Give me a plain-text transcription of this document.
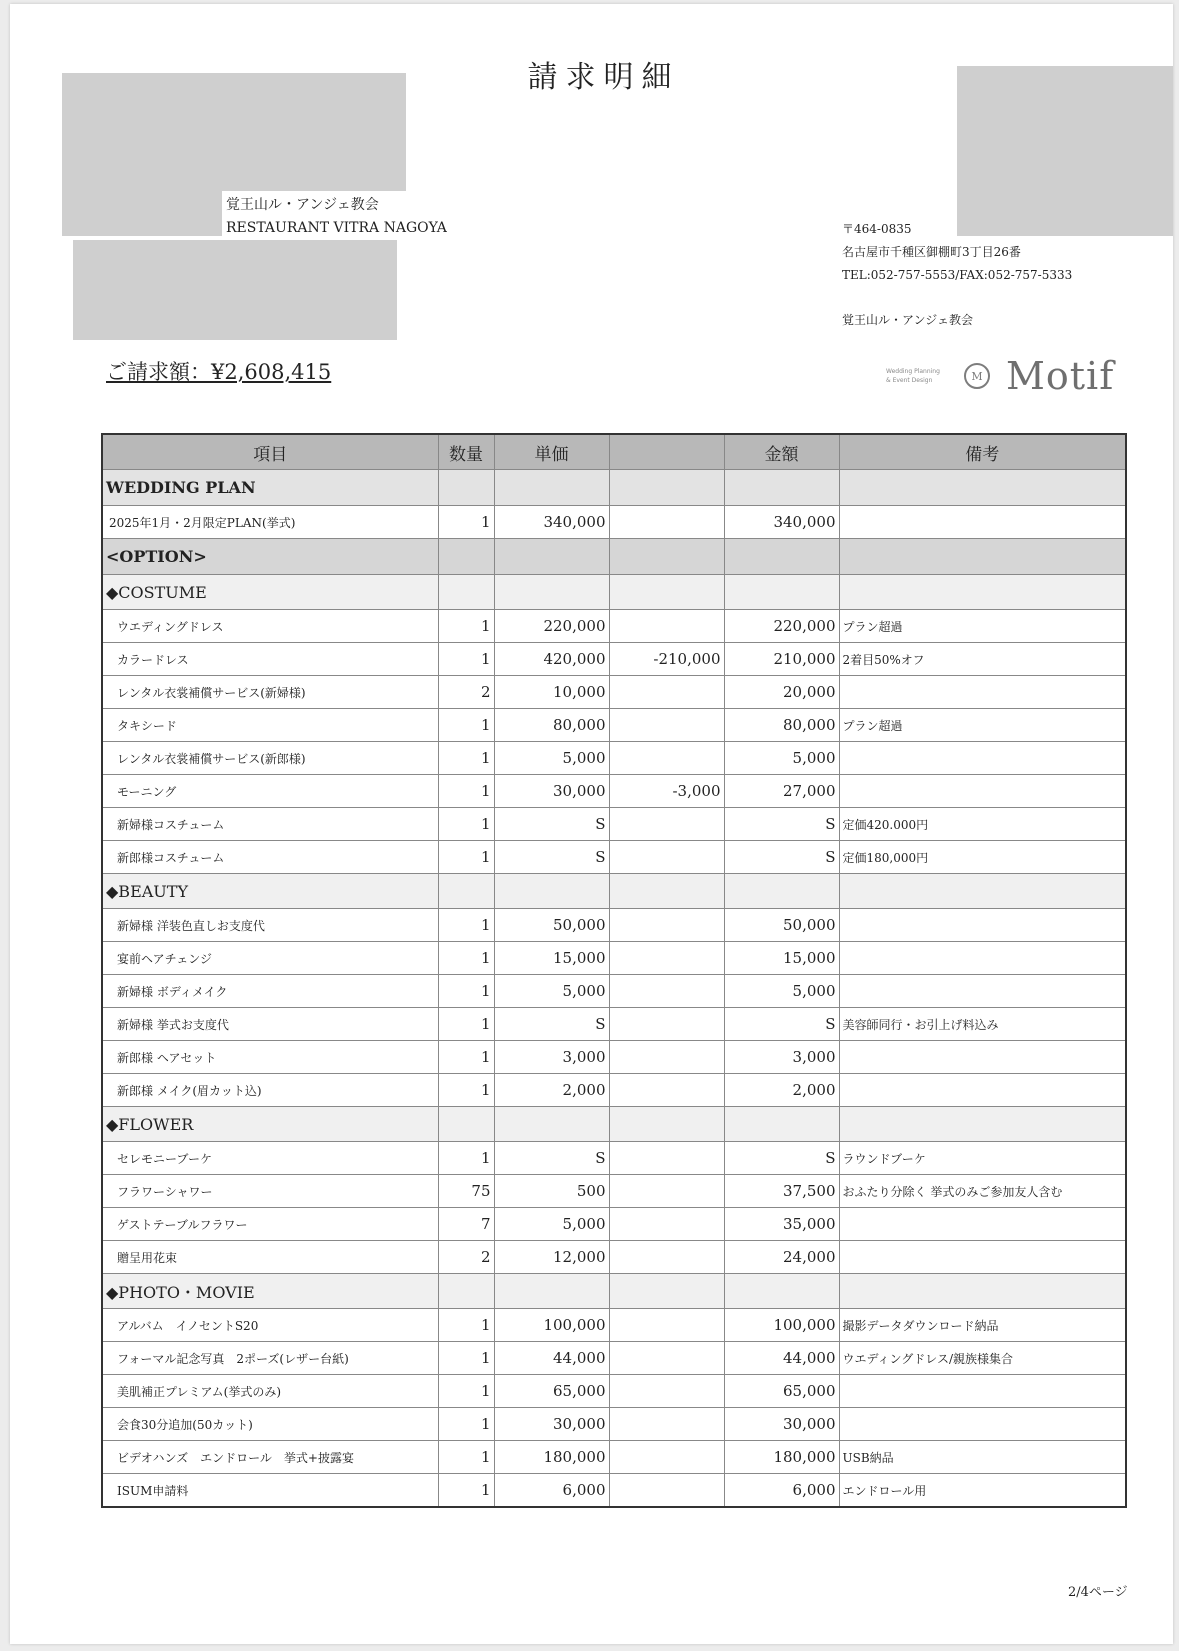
請求明細
覚王山ル・アンジェ教会
RESTAURANT VITRA NAGOYA	〒464-0835
名古屋市千種区御棚町3丁目26番
TEL:052-757-5553/FAX:052-757-5333
覚王山ル・アンジェ教会
ご請求額：¥2,608,415	Wedding Planning
& Event Design	M Motif
項目	数量	単価		金額	備考
WEDDING PLAN					
2025年1月・2月限定PLAN(挙式)	1	340,000		340,000	
<OPTION>					
◆COSTUME					
ウエディングドレス	1	220,000		220,000	プラン超過
カラードレス	1	420,000	-210,000	210,000	2着目50%オフ
レンタル衣裳補償サービス(新婦様)	2	10,000		20,000	
タキシード	1	80,000		80,000	プラン超過
レンタル衣裳補償サービス(新郎様)	1	5,000		5,000	
モーニング	1	30,000	-3,000	27,000	
新婦様コスチューム	1	S		S	定価420.000円
新郎様コスチューム	1	S		S	定価180,000円
◆BEAUTY					
新婦様 洋装色直しお支度代	1	50,000		50,000	
宴前ヘアチェンジ	1	15,000		15,000	
新婦様 ボディメイク	1	5,000		5,000	
新婦様 挙式お支度代	1	S		S	美容師同行・お引上げ料込み
新郎様 ヘアセット	1	3,000		3,000	
新郎様 メイク(眉カット込)	1	2,000		2,000	
◆FLOWER					
セレモニーブーケ	1	S		S	ラウンドブーケ
フラワーシャワー	75	500		37,500	おふたり分除く 挙式のみご参加友人含む
ゲストテーブルフラワー	7	5,000		35,000	
贈呈用花束	2	12,000		24,000	
◆PHOTO・MOVIE					
アルバム　イノセントS20	1	100,000		100,000	撮影データダウンロード納品
フォーマル記念写真　2ポーズ(レザー台紙)	1	44,000		44,000	ウエディングドレス/親族様集合
美肌補正プレミアム(挙式のみ)	1	65,000		65,000	
会食30分追加(50カット)	1	30,000		30,000	
ビデオハンズ　エンドロール　挙式+披露宴	1	180,000		180,000	USB納品
ISUM申請料	1	6,000		6,000	エンドロール用
2/4ページ
